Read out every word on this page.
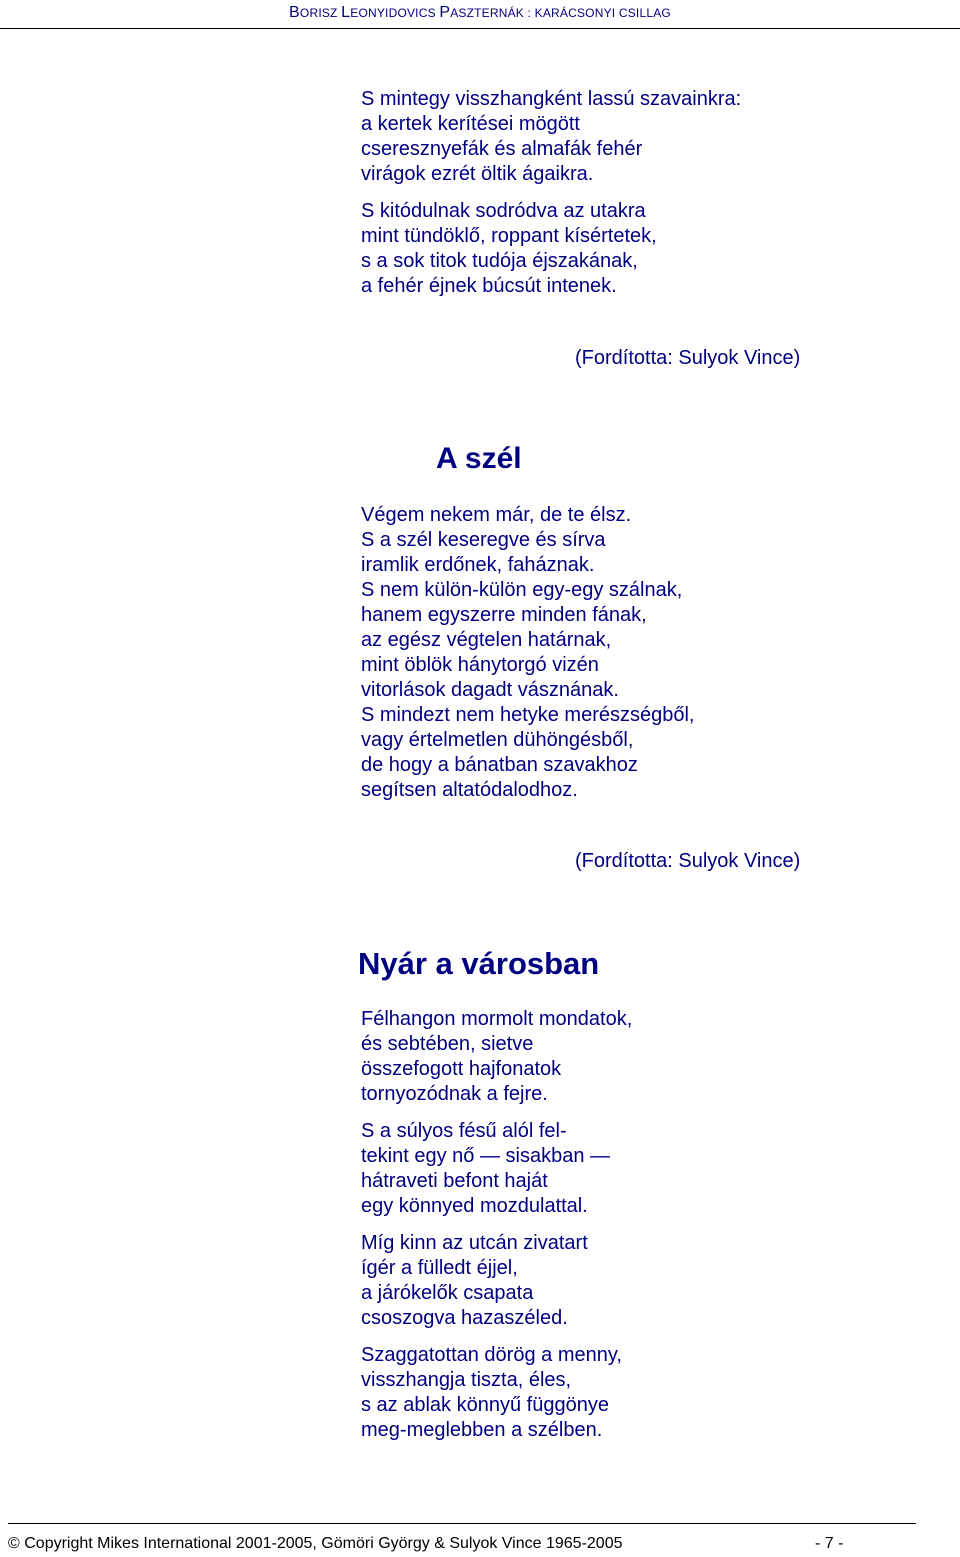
BORISZ LEONYIDOVICS PASZTERNÁK : KARÁCSONYI CSILLAG
S mintegy visszhangként lassú szavainkra:
a kertek kerítései mögött
cseresznyefák és almafák fehér
virágok ezrét öltik ágaikra.
S kitódulnak sodródva az utakra
mint tündöklő, roppant kísértetek,
s a sok titok tudója éjszakának,
a fehér éjnek búcsút intenek.
(Fordította: Sulyok Vince)
A szél
Végem nekem már, de te élsz.
S a szél keseregve és sírva
iramlik erdőnek, faháznak.
S nem külön-külön egy-egy szálnak,
hanem egyszerre minden fának,
az egész végtelen határnak,
mint öblök hánytorgó vizén
vitorlások dagadt vásznának.
S mindezt nem hetyke merészségből,
vagy értelmetlen dühöngésből,
de hogy a bánatban szavakhoz
segítsen altatódalodhoz.
(Fordította: Sulyok Vince)
Nyár a városban
Félhangon mormolt mondatok,
és sebtében, sietve
összefogott hajfonatok
tornyozódnak a fejre.
S a súlyos fésű alól fel-
tekint egy nő — sisakban —
hátraveti befont haját
egy könnyed mozdulattal.
Míg kinn az utcán zivatart
ígér a fülledt éjjel,
a járókelők csapata
csoszogva hazaszéled.
Szaggatottan dörög a menny,
visszhangja tiszta, éles,
s az ablak könnyű függönye
meg-meglebben a szélben.
© Copyright Mikes International 2001-2005, Gömöri György & Sulyok Vince 1965-2005	- 7 -
